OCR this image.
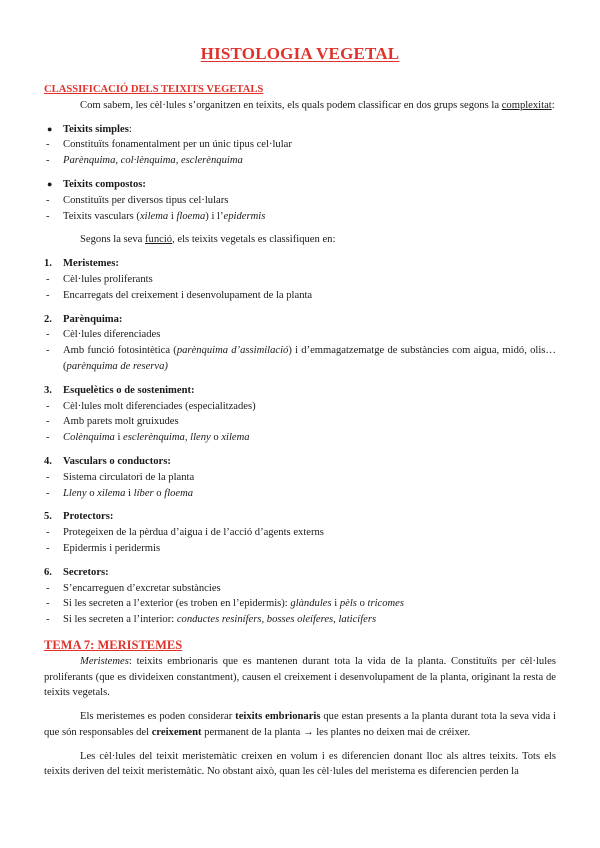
HISTOLOGIA VEGETAL
CLASSIFICACIÓ DELS TEIXITS VEGETALS

Com sabem, les cèl·lules s’organitzen en teixits, els quals podem classificar en dos grups segons la complexitat:

● Teixits simples:
- Constituïts fonamentalment per un únic tipus cel·lular
- Parènquima, col·lènquima, esclerènquima
● Teixits compostos:
- Constituïts per diversos tipus cel·lulars
- Teixits vasculars (xilema i floema) i l’epidermis

Segons la seva funció, els teixits vegetals es classifiquen en:

1. Meristemes:
- Cèl·lules proliferants
- Encarregats del creixement i desenvolupament de la planta
2. Parènquima:
- Cèl·lules diferenciades
- Amb funció fotosintètica (parènquima d’assimilació) i d’emmagatzematge de substàncies com aigua, midó, olis… (parènquima de reserva)
3. Esquelètics o de sosteniment:
- Cèl·lules molt diferenciades (especialitzades)
- Amb parets molt gruixudes
- Colènquima i esclerènquima, lleny o xilema
4. Vasculars o conductors:
- Sistema circulatori de la planta
- Lleny o xilema i líber o floema
5. Protectors:
- Protegeixen de la pèrdua d’aigua i de l’acció d’agents externs
- Epidermis i peridermis
6. Secretors:
- S’encarreguen d’excretar substàncies
- Si les secreten a l’exterior (es troben en l’epidermis): glàndules i pèls o tricomes
- Si les secreten a l’interior: conductes resinífers, bosses oleíferes, laticífers
TEMA 7: MERISTEMES

Meristemes: teixits embrionaris que es mantenen durant tota la vida de la planta. Constituïts per cèl·lules proliferants (que es divideixen constantment), causen el creixement i desenvolupament de la planta, originant la resta de teixits vegetals.

Els meristemes es poden considerar teixits embrionaris que estan presents a la planta durant tota la seva vida i que són responsables del creixement permanent de la planta → les plantes no deixen mai de créixer.

Les cèl·lules del teixit meristemàtic creixen en volum i es diferencien donant lloc als altres teixits. Tots els teixits deriven del teixit meristemàtic. No obstant això, quan les cèl·lules del meristema es diferencien perden la
